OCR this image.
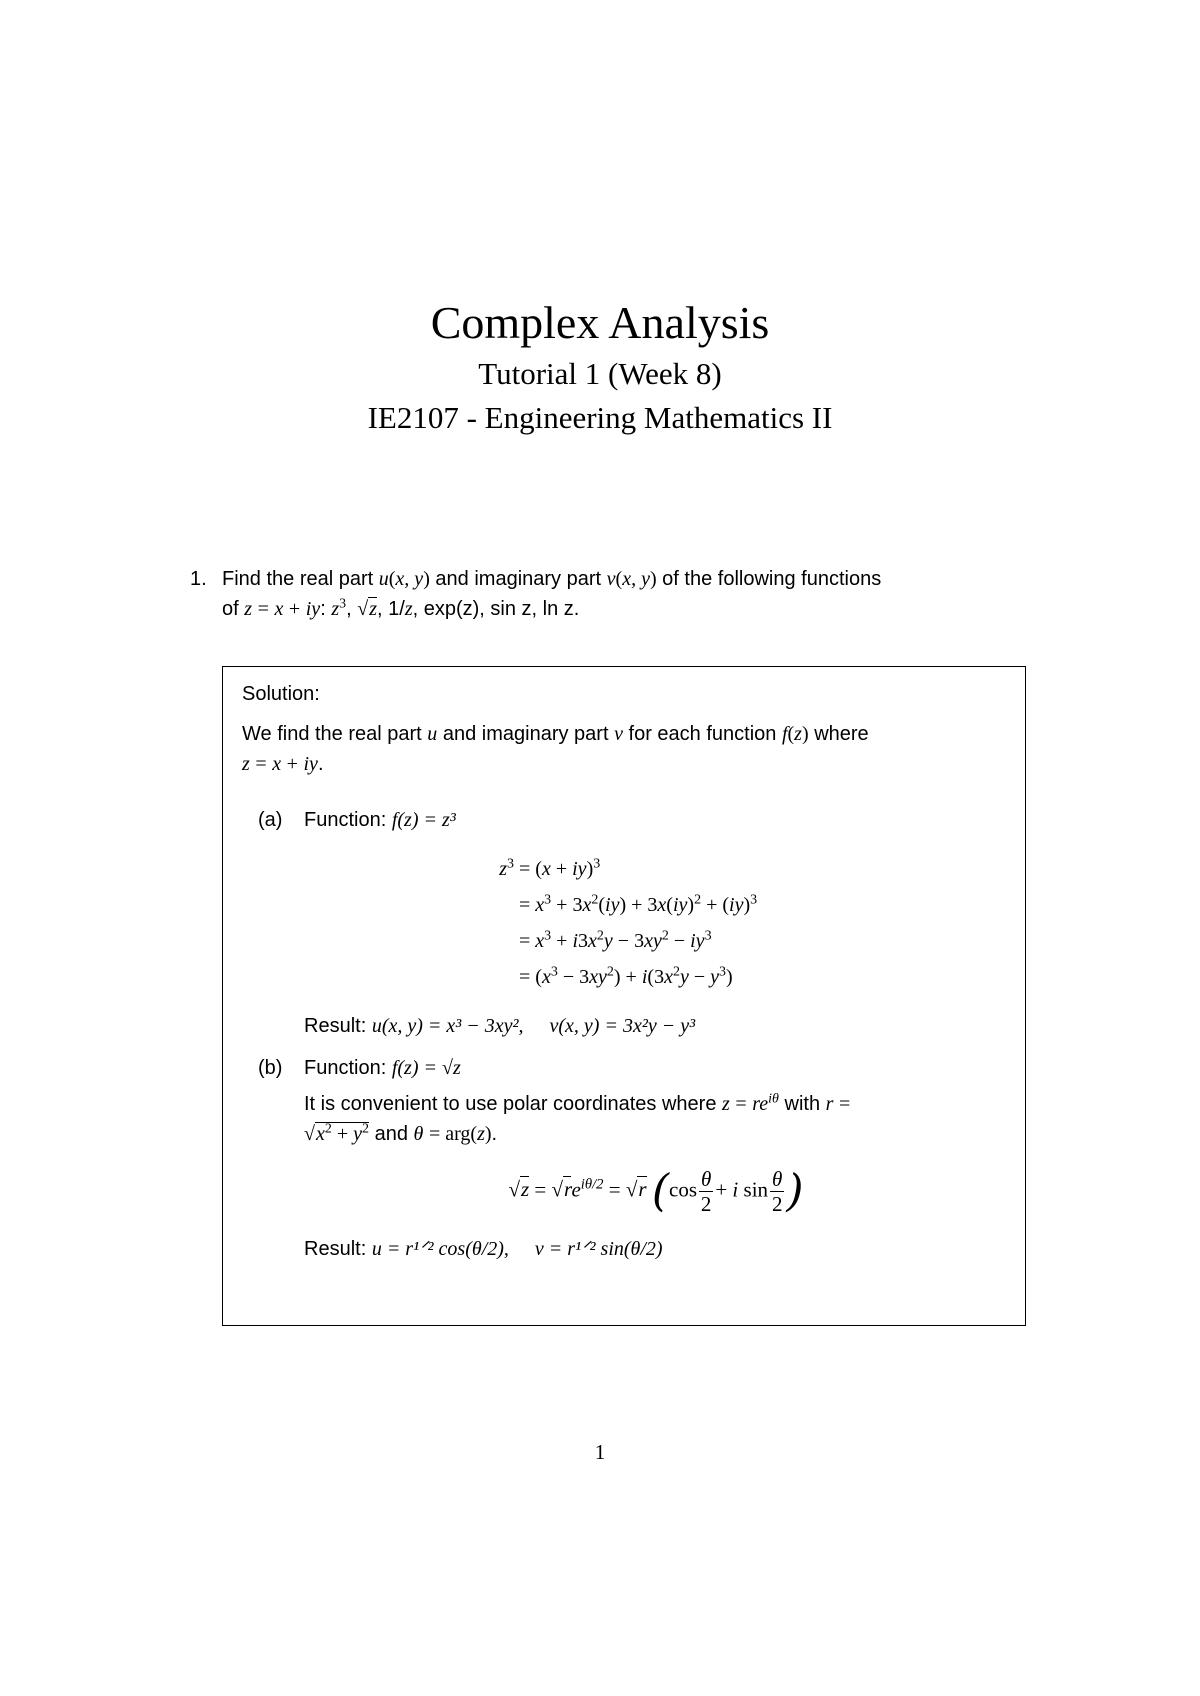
Complex Analysis
Tutorial 1 (Week 8)
IE2107 - Engineering Mathematics II
1. Find the real part u(x, y) and imaginary part v(x, y) of the following functions
of z = x + iy: $z^3$, √z, 1/z, exp(z), sin z, ln z.
Solution:
We find the real part u and imaginary part v for each function f(z) where
z = x + iy.
(a) Function: f(z) = z³
$z^3 = (x + iy)^3$
= $x^3 + 3x^2(iy) + 3x(iy)^2 + (iy)^3$
= $x^3 + i3x^2y - 3xy^2 - iy^3$
= $(x^3 - 3xy^2) + i(3x^2y - y^3)$
Result: u(x, y) = x³ − 3xy², v(x, y) = 3x²y − y³
(b) Function: f(z) = √z
It is convenient to use polar coordinates where $z = re^{i\theta}$ with r =
$√x^2 + y^2$ and θ = arg(z).
$√z = √re^{i\theta/2} = √r$ ($\cos \frac{\theta}{2} + i$ $\sin \frac{\theta}{2}$ )
Result: u = r¹ᐟ² cos(θ/2), v = r¹ᐟ² sin(θ/2)
1
